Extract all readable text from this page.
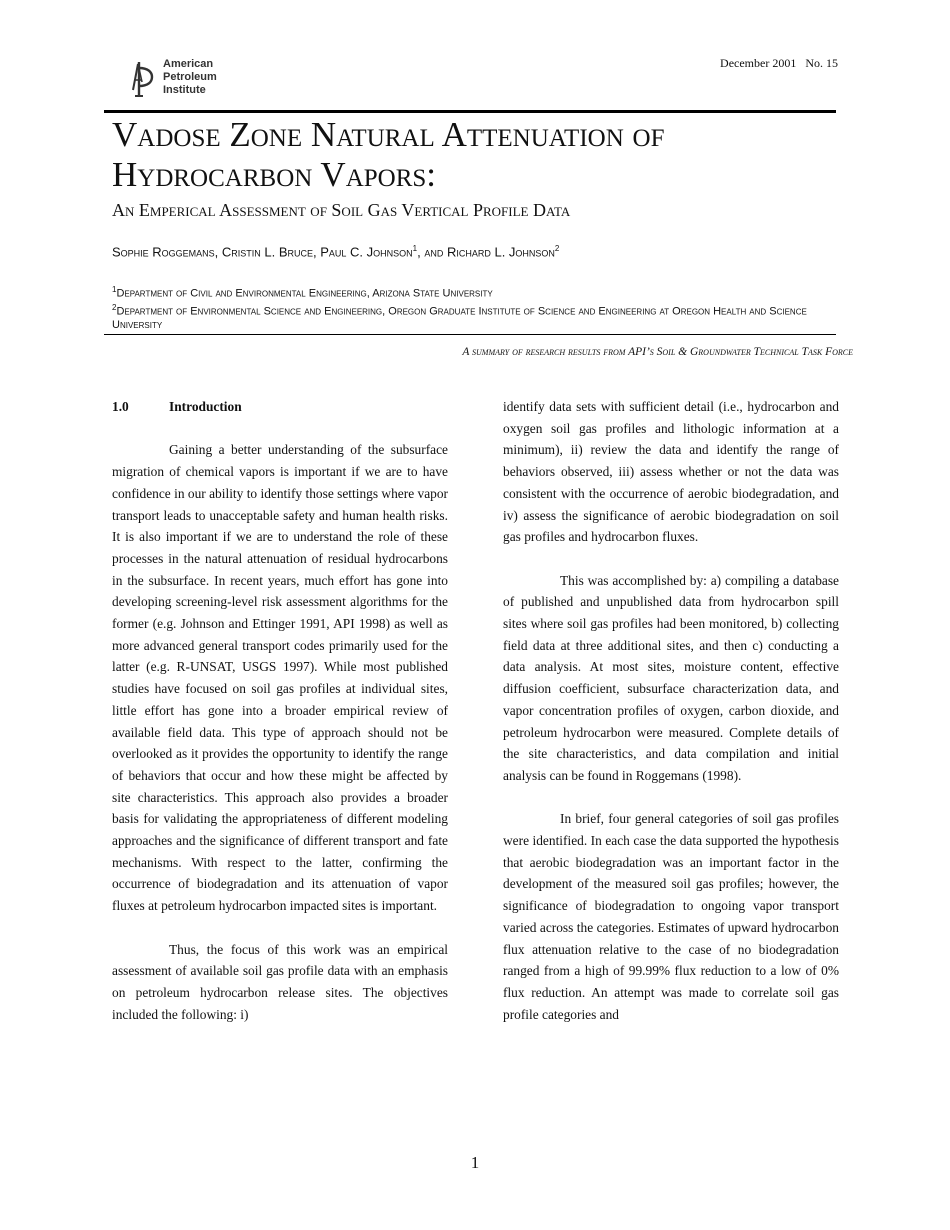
American
Petroleum
Institute
December 2001   No. 15
Vadose Zone Natural Attenuation of
Hydrocarbon Vapors:
An Emperical Assessment of Soil Gas Vertical Profile Data
Sophie Roggemans, Cristin L. Bruce, Paul C. Johnson$^1$, and Richard L. Johnson$^2$
$^1$Department of Civil and Environmental Engineering, Arizona State University
$^2$Department of Environmental Science and Engineering, Oregon Graduate Institute of Science and Engineering at Oregon Health and Science University
A summary of research results from API’s Soil & Groundwater Technical Task Force
1.0	Introduction

Gaining a better understanding of the subsurface migration of chemical vapors is important if we are to have confidence in our ability to identify those settings where vapor transport leads to unacceptable safety and human health risks. It is also important if we are to understand the role of these processes in the natural attenuation of residual hydrocarbons in the subsurface. In recent years, much effort has gone into developing screening-level risk assessment algorithms for the former (e.g. Johnson and Ettinger 1991, API 1998) as well as more advanced general transport codes primarily used for the latter (e.g. R-UNSAT, USGS 1997). While most published studies have focused on soil gas profiles at individual sites, little effort has gone into a broader empirical review of available field data. This type of approach should not be overlooked as it provides the opportunity to identify the range of behaviors that occur and how these might be affected by site characteristics. This approach also provides a broader basis for validating the appropriateness of different modeling approaches and the significance of different transport and fate mechanisms. With respect to the latter, confirming the occurrence of biodegradation and its attenuation of vapor fluxes at petroleum hydrocarbon impacted sites is important.

Thus, the focus of this work was an empirical assessment of available soil gas profile data with an emphasis on petroleum hydrocarbon release sites. The objectives included the following: i)

identify data sets with sufficient detail (i.e., hydrocarbon and oxygen soil gas profiles and lithologic information at a minimum), ii) review the data and identify the range of behaviors observed, iii) assess whether or not the data was consistent with the occurrence of aerobic biodegradation, and iv) assess the significance of aerobic biodegradation on soil gas profiles and hydrocarbon fluxes.

This was accomplished by: a) compiling a database of published and unpublished data from hydrocarbon spill sites where soil gas profiles had been monitored, b) collecting field data at three additional sites, and then c) conducting a data analysis. At most sites, moisture content, effective diffusion coefficient, subsurface characterization data, and vapor concentration profiles of oxygen, carbon dioxide, and petroleum hydrocarbon were measured. Complete details of the site characteristics, and data compilation and initial analysis can be found in Roggemans (1998).

In brief, four general categories of soil gas profiles were identified. In each case the data supported the hypothesis that aerobic biodegradation was an important factor in the development of the measured soil gas profiles; however, the significance of biodegradation to ongoing vapor transport varied across the categories. Estimates of upward hydrocarbon flux attenuation relative to the case of no biodegradation ranged from a high of 99.99% flux reduction to a low of 0% flux reduction. An attempt was made to correlate soil gas profile categories and

1
